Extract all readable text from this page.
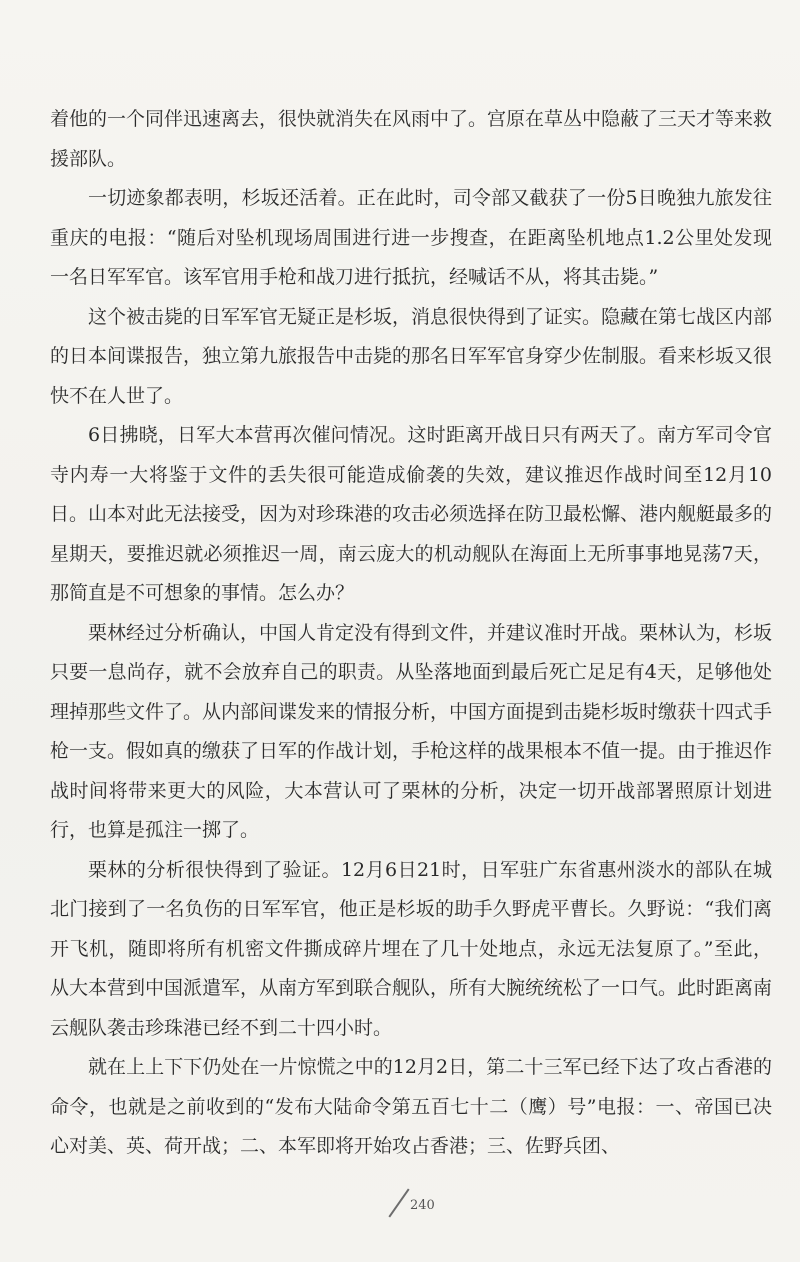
着他的一个同伴迅速离去，很快就消失在风雨中了。宫原在草丛中隐蔽了三天才等来救援部队。

一切迹象都表明，杉坂还活着。正在此时，司令部又截获了一份5日晚独九旅发往重庆的电报：“随后对坠机现场周围进行进一步搜查，在距离坠机地点1.2公里处发现一名日军军官。该军官用手枪和战刀进行抵抗，经喊话不从，将其击毙。”

这个被击毙的日军军官无疑正是杉坂，消息很快得到了证实。隐藏在第七战区内部的日本间谍报告，独立第九旅报告中击毙的那名日军军官身穿少佐制服。看来杉坂又很快不在人世了。

6日拂晓，日军大本营再次催问情况。这时距离开战日只有两天了。南方军司令官寺内寿一大将鉴于文件的丢失很可能造成偷袭的失效，建议推迟作战时间至12月10日。山本对此无法接受，因为对珍珠港的攻击必须选择在防卫最松懈、港内舰艇最多的星期天，要推迟就必须推迟一周，南云庞大的机动舰队在海面上无所事事地晃荡7天，那简直是不可想象的事情。怎么办？

栗林经过分析确认，中国人肯定没有得到文件，并建议准时开战。栗林认为，杉坂只要一息尚存，就不会放弃自己的职责。从坠落地面到最后死亡足足有4天，足够他处理掉那些文件了。从内部间谍发来的情报分析，中国方面提到击毙杉坂时缴获十四式手枪一支。假如真的缴获了日军的作战计划，手枪这样的战果根本不值一提。由于推迟作战时间将带来更大的风险，大本营认可了栗林的分析，决定一切开战部署照原计划进行，也算是孤注一掷了。

栗林的分析很快得到了验证。12月6日21时，日军驻广东省惠州淡水的部队在城北门接到了一名负伤的日军军官，他正是杉坂的助手久野虎平曹长。久野说：“我们离开飞机，随即将所有机密文件撕成碎片埋在了几十处地点，永远无法复原了。”至此，从大本营到中国派遣军，从南方军到联合舰队，所有大腕统统松了一口气。此时距离南云舰队袭击珍珠港已经不到二十四小时。

就在上上下下仍处在一片惊慌之中的12月2日，第二十三军已经下达了攻占香港的命令，也就是之前收到的“发布大陆命令第五百七十二（鹰）号”电报：一、帝国已决心对美、英、荷开战；二、本军即将开始攻占香港；三、佐野兵团、

240
